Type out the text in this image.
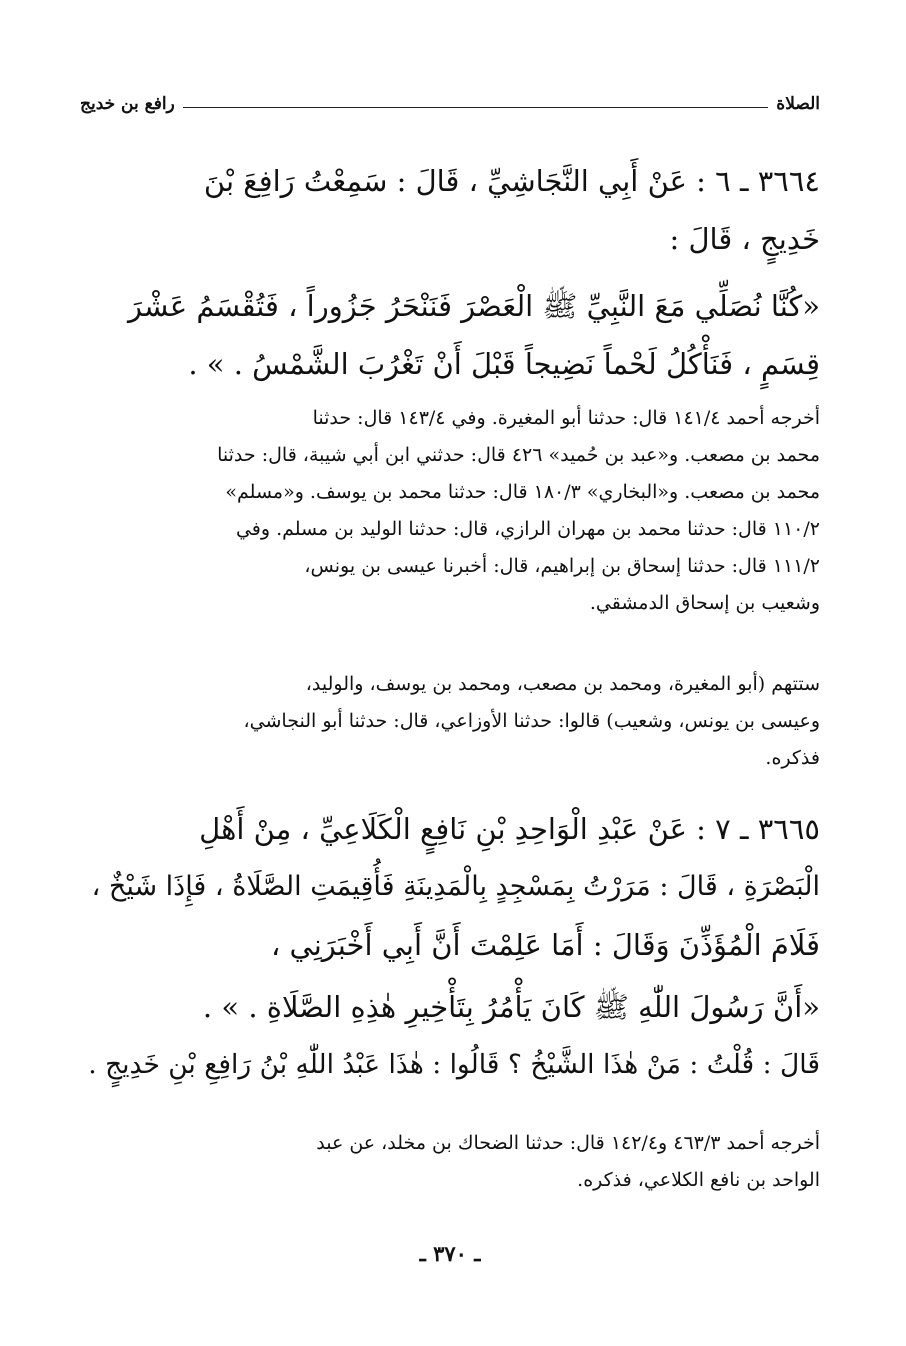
الصلاة
رافع بن خديج
٣٦٦٤ ـ ٦ : عَنْ أَبِي النَّجَاشِيِّ ، قَالَ : سَمِعْتُ رَافِعَ بْنَ
خَدِيجٍ ، قَالَ :
«كُنَّا نُصَلِّي مَعَ النَّبِيِّ ﷺ الْعَصْرَ فَنَنْحَرُ جَزُوراً ، فَتُقْسَمُ عَشْرَ
قِسَمٍ ، فَنَأْكُلُ لَحْماً نَضِيجاً قَبْلَ أَنْ تَغْرُبَ الشَّمْسُ . » .
أخرجه أحمد ١٤١/٤ قال: حدثنا أبو المغيرة. وفي ١٤٣/٤ قال: حدثنا
محمد بن مصعب. و«عبد بن حُميد» ٤٢٦ قال: حدثني ابن أبي شيبة، قال: حدثنا
محمد بن مصعب. و«البخاري» ١٨٠/٣ قال: حدثنا محمد بن يوسف. و«مسلم»
١١٠/٢ قال: حدثنا محمد بن مهران الرازي، قال: حدثنا الوليد بن مسلم. وفي
١١١/٢ قال: حدثنا إسحاق بن إبراهيم، قال: أخبرنا عيسى بن يونس،
وشعيب بن إسحاق الدمشقي.
ستتهم (أبو المغيرة، ومحمد بن مصعب، ومحمد بن يوسف، والوليد،
وعيسى بن يونس، وشعيب) قالوا: حدثنا الأوزاعي، قال: حدثنا أبو النجاشي،
فذكره.
٣٦٦٥ ـ ٧ : عَنْ عَبْدِ الْوَاحِدِ بْنِ نَافِعٍ الْكَلَاعِيِّ ، مِنْ أَهْلِ
الْبَصْرَةِ ، قَالَ : مَرَرْتُ بِمَسْجِدٍ بِالْمَدِينَةِ فَأُقِيمَتِ الصَّلَاةُ ، فَإِذَا شَيْخٌ ،
فَلَامَ الْمُؤَذِّنَ وَقَالَ : أَمَا عَلِمْتَ أَنَّ أَبِي أَخْبَرَنِي ،
«أَنَّ رَسُولَ اللّٰهِ ﷺ كَانَ يَأْمُرُ بِتَأْخِيرِ هٰذِهِ الصَّلَاةِ . » .
قَالَ : قُلْتُ : مَنْ هٰذَا الشَّيْخُ ؟ قَالُوا : هٰذَا عَبْدُ اللّٰهِ بْنُ رَافِعِ بْنِ خَدِيجٍ .
أخرجه أحمد ٤٦٣/٣ و١٤٢/٤ قال: حدثنا الضحاك بن مخلد، عن عبد
الواحد بن نافع الكلاعي، فذكره.
ـ ٣٧٠ ـ
